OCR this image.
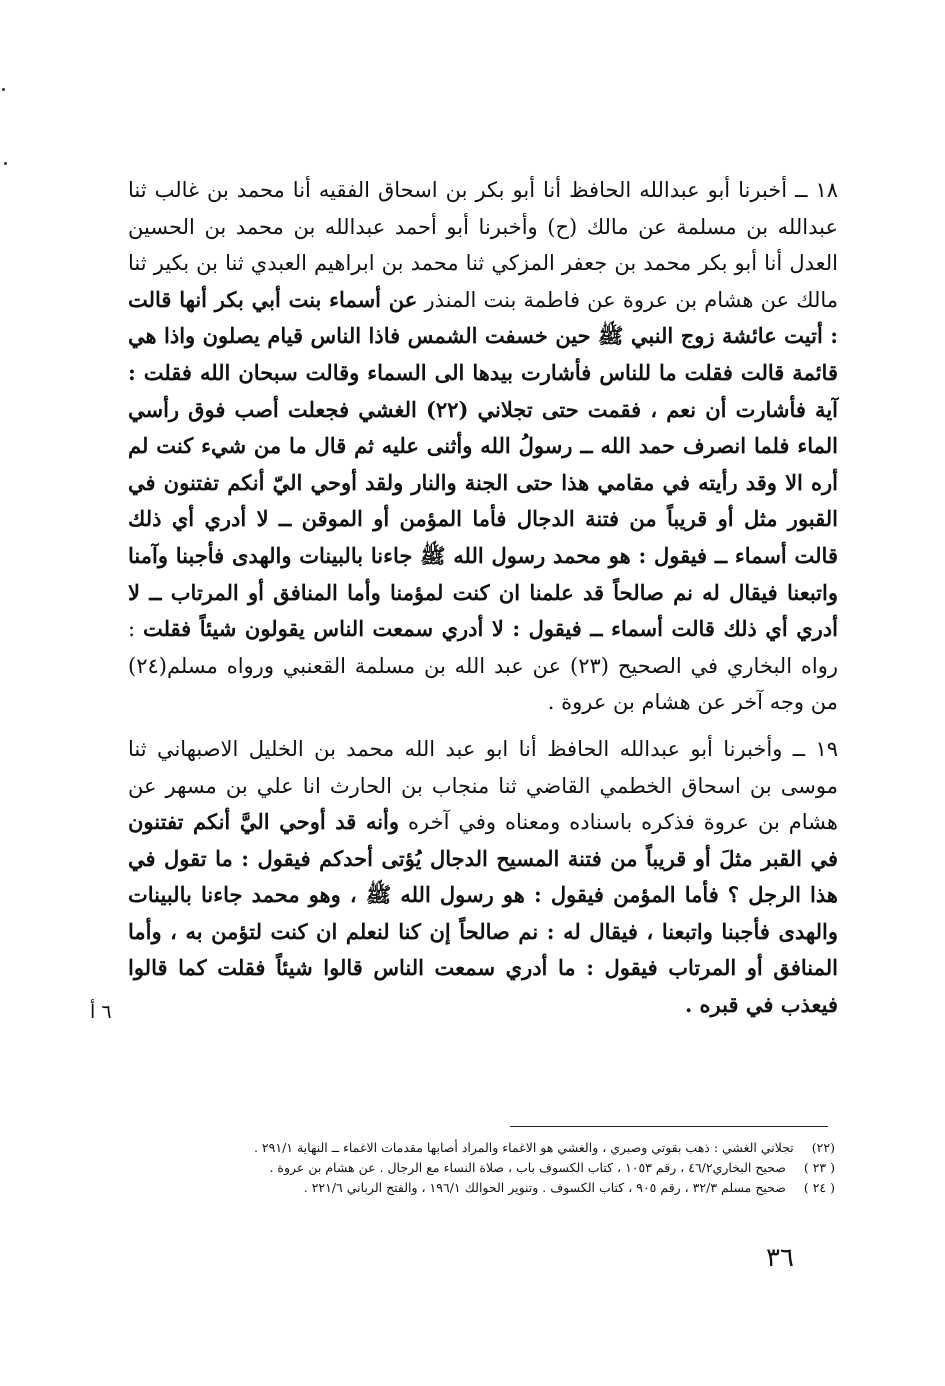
١٨ ــ أخبرنا أبو عبدالله الحافظ أنا أبو بكر بن اسحاق الفقيه أنا محمد بن غالب ثنا عبدالله بن مسلمة عن مالك (ح) وأخبرنا أبو أحمد عبدالله بن محمد بن الحسين العدل أنا أبو بكر محمد بن جعفر المزكي ثنا محمد بن ابراهيم العبدي ثنا بن بكير ثنا مالك عن هشام بن عروة عن فاطمة بنت المنذر عن أسماء بنت أبي بكر أنها قالت : أتيت عائشة زوج النبي ﷺ حين خسفت الشمس فاذا الناس قيام يصلون واذا هي قائمة قالت فقلت ما للناس فأشارت بيدها الى السماء وقالت سبحان الله فقلت : آية فأشارت أن نعم ، فقمت حتى تجلاني (٢٢) الغشي فجعلت أصب فوق رأسي الماء فلما انصرف حمد الله ــ رسولُ الله وأثنى عليه ثم قال ما من شيء كنت لم أره الا وقد رأيته في مقامي هذا حتى الجنة والنار ولقد أوحي اليّ أنكم تفتنون في القبور مثل أو قريباً من فتنة الدجال فأما المؤمن أو الموقن ــ لا أدري أي ذلك قالت أسماء ــ فيقول : هو محمد رسول الله ﷺ جاءنا بالبينات والهدى فأجبنا وآمنا واتبعنا فيقال له نم صالحاً قد علمنا ان كنت لمؤمنا وأما المنافق أو المرتاب ــ لا أدري أي ذلك قالت أسماء ــ فيقول : لا أدري سمعت الناس يقولون شيئاً فقلت : رواه البخاري في الصحيح (٢٣) عن عبد الله بن مسلمة القعنبي ورواه مسلم(٢٤) من وجه آخر عن هشام بن عروة .

١٩ ــ وأخبرنا أبو عبدالله الحافظ أنا ابو عبد الله محمد بن الخليل الاصبهاني ثنا موسى بن اسحاق الخطمي القاضي ثنا منجاب بن الحارث انا علي بن مسهر عن هشام بن عروة فذكره باسناده ومعناه وفي آخره وأنه قد أوحي اليَّ أنكم تفتنون في القبر مثلَ أو قريباً من فتنة المسيح الدجال يُؤتى أحدكم فيقول : ما تقول في هذا الرجل ؟ فأما المؤمن فيقول : هو رسول الله ﷺ ، وهو محمد جاءنا بالبينات والهدى فأجبنا واتبعنا ، فيقال له : نم صالحاً إن كنا لنعلم ان كنت لتؤمن به ، وأما المنافق أو المرتاب فيقول : ما أدري سمعت الناس قالوا شيئاً فقلت كما قالوا فيعذب في قبره .

٦ أ
(٢٢)تجلاني الغشي : ذهب بقوتي وصبري ، والغشي هو الاغماء والمراد أصابها مقدمات الاغماء ــ النهاية ٢٩١/١ .
( ٢٣ )صحيح البخاري٤٦/٢ ، رقم ١٠٥٣ ، كتاب الكسوف باب ، صلاة النساء مع الرجال . عن هشام بن عروة .
( ٢٤ )صحيح مسلم ٣٢/٣ ، رقم ٩٠٥ ، كتاب الكسوف . وتنوير الحوالك ١٩٦/١ ، والفتح الرباني ٢٢١/٦ .
٣٦
